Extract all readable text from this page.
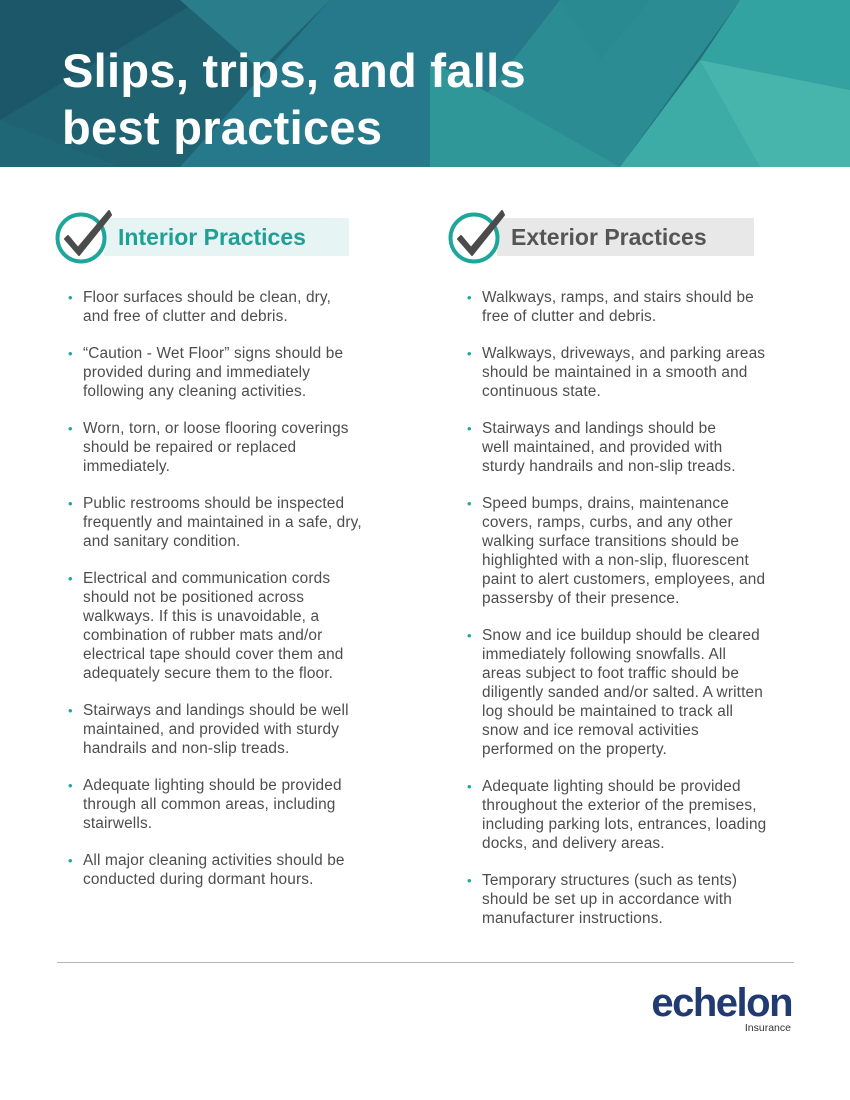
Slips, trips, and falls
best practices
Interior Practices	Exterior Practices
• Floor surfaces should be clean, dry,
and free of clutter and debris.
• “Caution - Wet Floor” signs should be
provided during and immediately
following any cleaning activities.
• Worn, torn, or loose flooring coverings
should be repaired or replaced
immediately.
• Public restrooms should be inspected
frequently and maintained in a safe, dry,
and sanitary condition.
• Electrical and communication cords
should not be positioned across
walkways. If this is unavoidable, a
combination of rubber mats and/or
electrical tape should cover them and
adequately secure them to the floor.
• Stairways and landings should be well
maintained, and provided with sturdy
handrails and non-slip treads.
• Adequate lighting should be provided
through all common areas, including
stairwells.
• All major cleaning activities should be
conducted during dormant hours.
• Walkways, ramps, and stairs should be
free of clutter and debris.
• Walkways, driveways, and parking areas
should be maintained in a smooth and
continuous state.
• Stairways and landings should be
well maintained, and provided with
sturdy handrails and non-slip treads.
• Speed bumps, drains, maintenance
covers, ramps, curbs, and any other
walking surface transitions should be
highlighted with a non-slip, fluorescent
paint to alert customers, employees, and
passersby of their presence.
• Snow and ice buildup should be cleared
immediately following snowfalls. All
areas subject to foot traffic should be
diligently sanded and/or salted. A written
log should be maintained to track all
snow and ice removal activities
performed on the property.
• Adequate lighting should be provided
throughout the exterior of the premises,
including parking lots, entrances, loading
docks, and delivery areas.
• Temporary structures (such as tents)
should be set up in accordance with
manufacturer instructions.
echelon
Insurance
